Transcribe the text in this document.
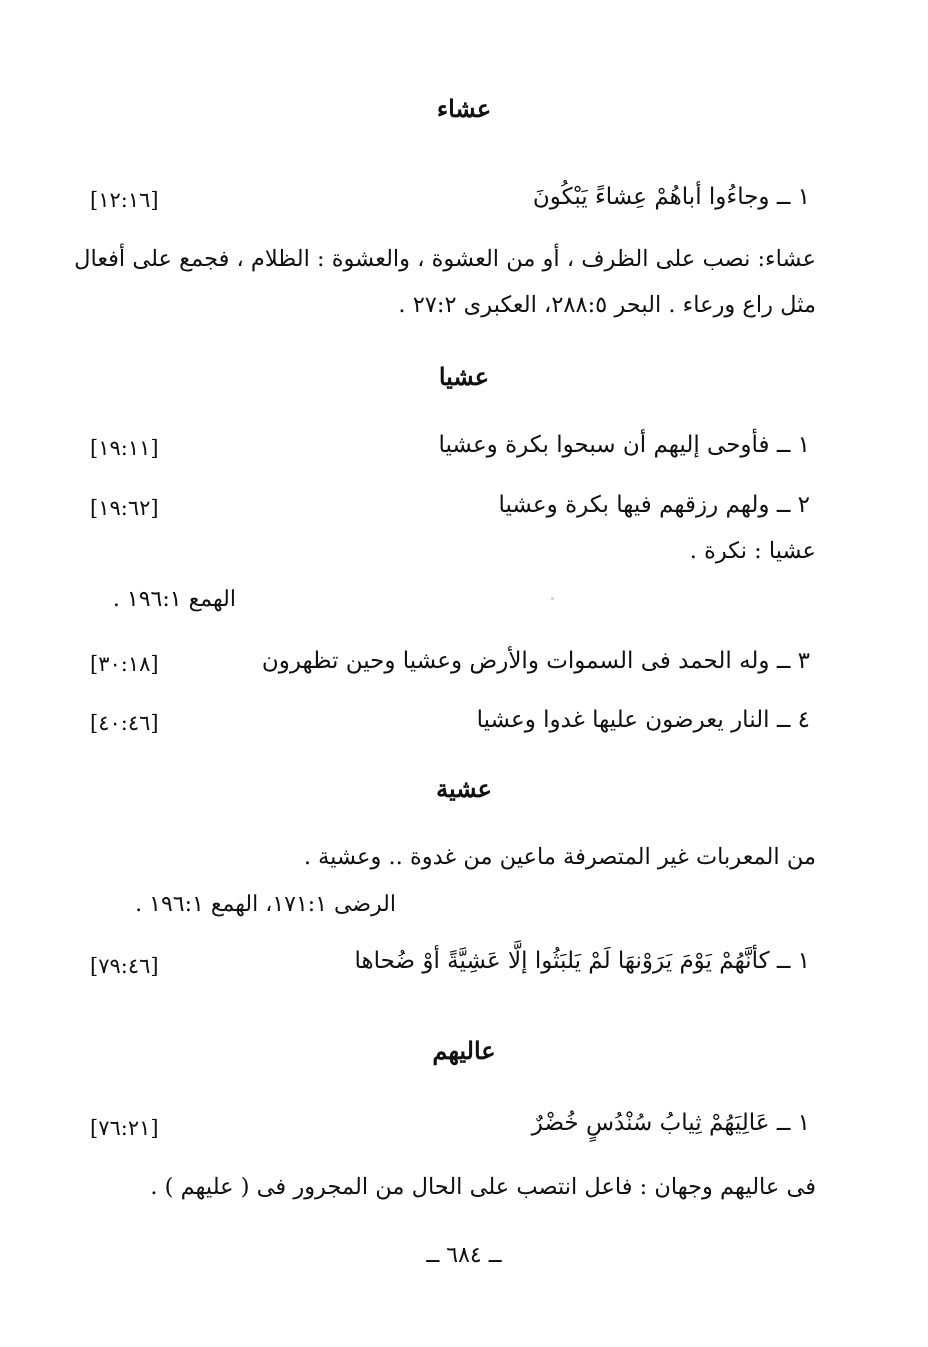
عشاء
١ ــ وجاءُوا أباهُمْ عِشاءً يَبْكُونَ
[١٢:١٦]
عشاء: نصب على الظرف ، أو من العشوة ، والعشوة : الظلام ، فجمع على أفعال
مثل راع ورعاء . البحر ٢٨٨:٥، العكبرى ٢٧:٢ .
عشيا
١ ــ فأوحى إليهم أن سبحوا بكرة وعشيا
[١٩:١١]
٢ ــ ولهم رزقهم فيها بكرة وعشيا
[١٩:٦٢]
عشيا : نكرة .
الهمع ١٩٦:١ .
٣ ــ وله الحمد فى السموات والأرض وعشيا وحين تظهرون
[٣٠:١٨]
٤ ــ النار يعرضون عليها غدوا وعشيا
[٤٠:٤٦]
عشية
من المعربات غير المتصرفة ماعين من غدوة .. وعشية .
الرضى ١٧١:١، الهمع ١٩٦:١ .
١ ــ كأنَّهُمْ يَوْمَ يَرَوْنهَا لَمْ يَلبَثُوا إلَّا عَشِيَّةً أوْ ضُحاها
[٧٩:٤٦]
عاليهم
١ ــ عَالِيَهُمْ ثِيابُ سُنْدُسٍ خُضْرٌ
[٧٦:٢١]
فى عاليهم وجهان : فاعل انتصب على الحال من المجرور فى ( عليهم ) .
ــ ٦٨٤ ــ
